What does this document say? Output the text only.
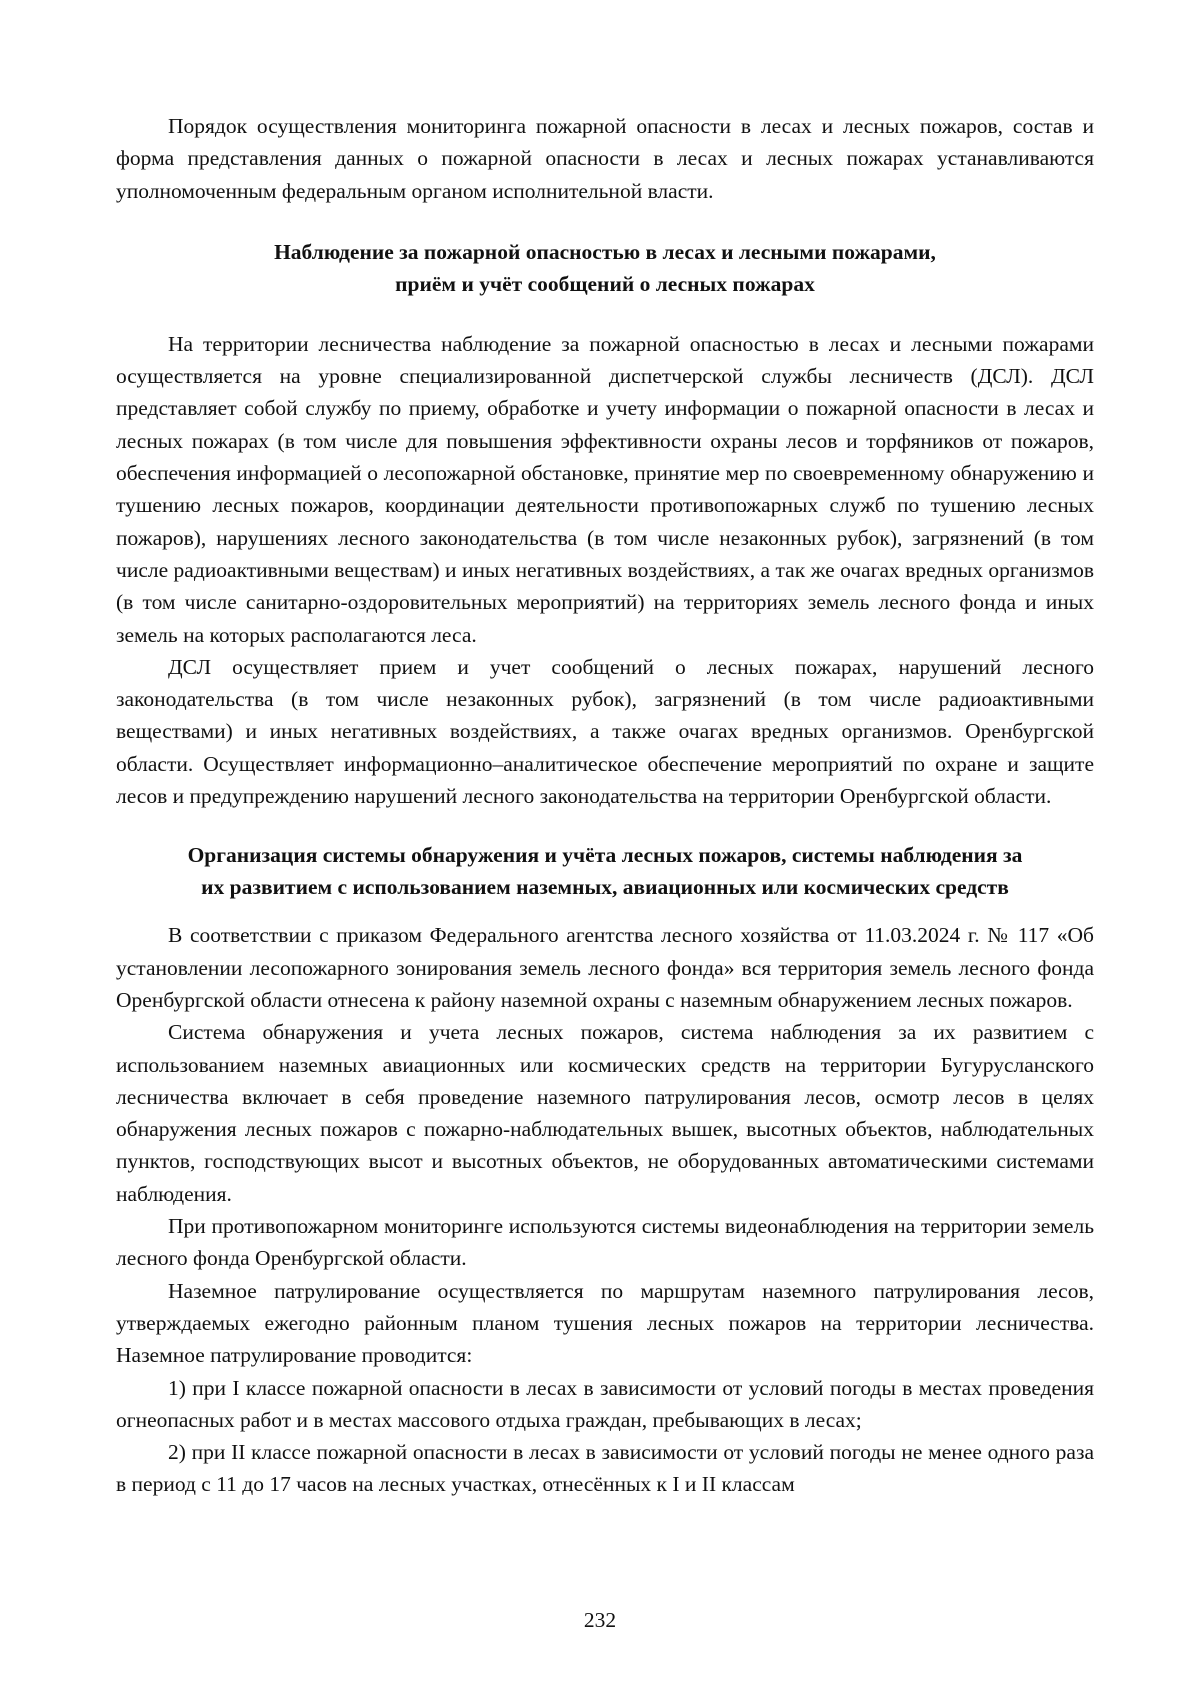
Порядок осуществления мониторинга пожарной опасности в лесах и лесных пожаров, состав и форма представления данных о пожарной опасности в лесах и лесных пожарах устанавливаются уполномоченным федеральным органом исполнительной власти.

Наблюдение за пожарной опасностью в лесах и лесными пожарами,
приём и учёт сообщений о лесных пожарах

На территории лесничества наблюдение за пожарной опасностью в лесах и лесными пожарами осуществляется на уровне специализированной диспетчерской службы лесничеств (ДСЛ). ДСЛ представляет собой службу по приему, обработке и учету информации о пожарной опасности в лесах и лесных пожарах (в том числе для повышения эффективности охраны лесов и торфяников от пожаров, обеспечения информацией о лесопожарной обстановке, принятие мер по своевременному обнаружению и тушению лесных пожаров, координации деятельности противопожарных служб по тушению лесных пожаров), нарушениях лесного законодательства (в том числе незаконных рубок), загрязнений (в том числе радиоактивными веществам) и иных негативных воздействиях, а так же очагах вредных организмов (в том числе санитарно-оздоровительных мероприятий) на территориях земель лесного фонда и иных земель на которых располагаются леса.

ДСЛ осуществляет прием и учет сообщений о лесных пожарах, нарушений лесного законодательства (в том числе незаконных рубок), загрязнений (в том числе радиоактивными веществами) и иных негативных воздействиях, а также очагах вредных организмов. Оренбургской области. Осуществляет информационно–аналитическое обеспечение мероприятий по охране и защите лесов и предупреждению нарушений лесного законодательства на территории Оренбургской области.

Организация системы обнаружения и учёта лесных пожаров, системы наблюдения за
их развитием с использованием наземных, авиационных или космических средств

В соответствии с приказом Федерального агентства лесного хозяйства от 11.03.2024 г. № 117 «Об установлении лесопожарного зонирования земель лесного фонда» вся территория земель лесного фонда Оренбургской области отнесена к району наземной охраны с наземным обнаружением лесных пожаров.

Система обнаружения и учета лесных пожаров, система наблюдения за их развитием с использованием наземных авиационных или космических средств на территории Бугурусланского лесничества включает в себя проведение наземного патрулирования лесов, осмотр лесов в целях обнаружения лесных пожаров с пожарно-наблюдательных вышек, высотных объектов, наблюдательных пунктов, господствующих высот и высотных объектов, не оборудованных автоматическими системами наблюдения.

При противопожарном мониторинге используются системы видеонаблюдения на территории земель лесного фонда Оренбургской области.

Наземное патрулирование осуществляется по маршрутам наземного патрулирования лесов, утверждаемых ежегодно районным планом тушения лесных пожаров на территории лесничества. Наземное патрулирование проводится:

1) при I классе пожарной опасности в лесах в зависимости от условий погоды в местах проведения огнеопасных работ и в местах массового отдыха граждан, пребывающих в лесах;

2) при II классе пожарной опасности в лесах в зависимости от условий погоды не менее одного раза в период с 11 до 17 часов на лесных участках, отнесённых к I и II классам

232
